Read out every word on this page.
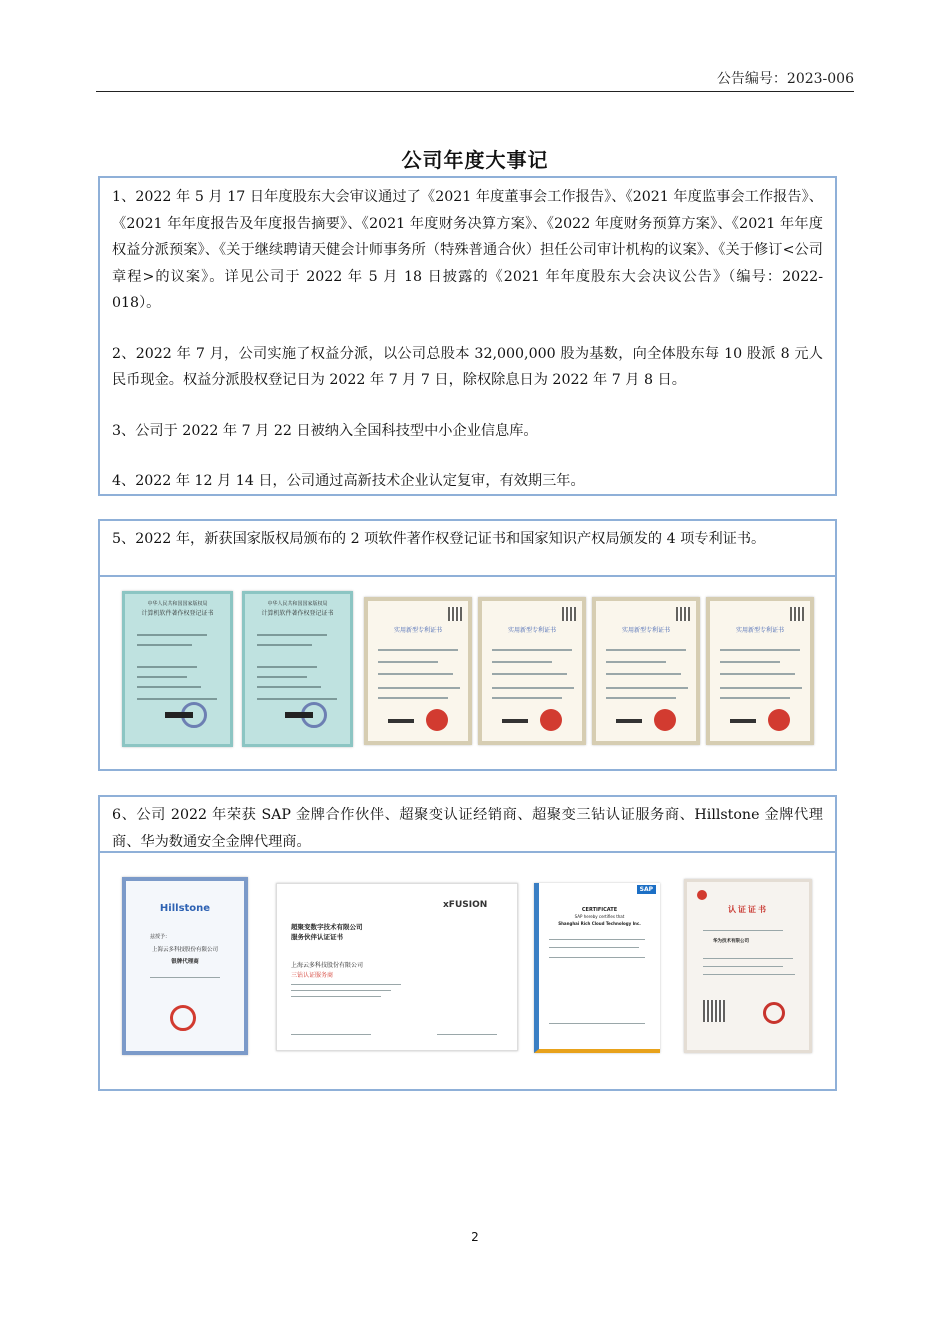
公告编号：2023-006
公司年度大事记

1、2022 年 5 月 17 日年度股东大会审议通过了《2021 年度董事会工作报告》、《2021 年度监事会工作报告》、《2021 年年度报告及年度报告摘要》、《2021 年度财务决算方案》、《2022 年度财务预算方案》、《2021 年年度权益分派预案》、《关于继续聘请天健会计师事务所（特殊普通合伙）担任公司审计机构的议案》、《关于修订<公司章程>的议案》。详见公司于 2022 年 5 月 18 日披露的《2021 年年度股东大会决议公告》（编号：2022-018）。

2、2022 年 7 月，公司实施了权益分派，以公司总股本 32,000,000 股为基数，向全体股东每 10 股派 8 元人民币现金。权益分派股权登记日为 2022 年 7 月 7 日，除权除息日为 2022 年 7 月 8 日。

3、公司于 2022 年 7 月 22 日被纳入全国科技型中小企业信息库。

4、2022 年 12 月 14 日，公司通过高新技术企业认定复审，有效期三年。

5、2022 年，新获国家版权局颁布的 2 项软件著作权登记证书和国家知识产权局颁发的 4 项专利证书。

中华人民共和国国家版权局
计算机软件著作权登记证书
中华人民共和国国家版权局
计算机软件著作权登记证书
实用新型专利证书	实用新型专利证书	实用新型专利证书	实用新型专利证书

6、公司 2022 年荣获 SAP 金牌合作伙伴、超聚变认证经销商、超聚变三钻认证服务商、Hillstone 金牌代理商、华为数通安全金牌代理商。

Hillstone
兹授予：
上海云多科技股份有限公司
银牌代理商
xFUSION
超聚变数字技术有限公司
服务伙伴认证证书
上海云多科技股份有限公司
三钻认证服务商
SAP
CERTIFICATE
SAP hereby certifies that
Shanghai Rich Cloud Technology Inc.
认证证书
华为技术有限公司
2
